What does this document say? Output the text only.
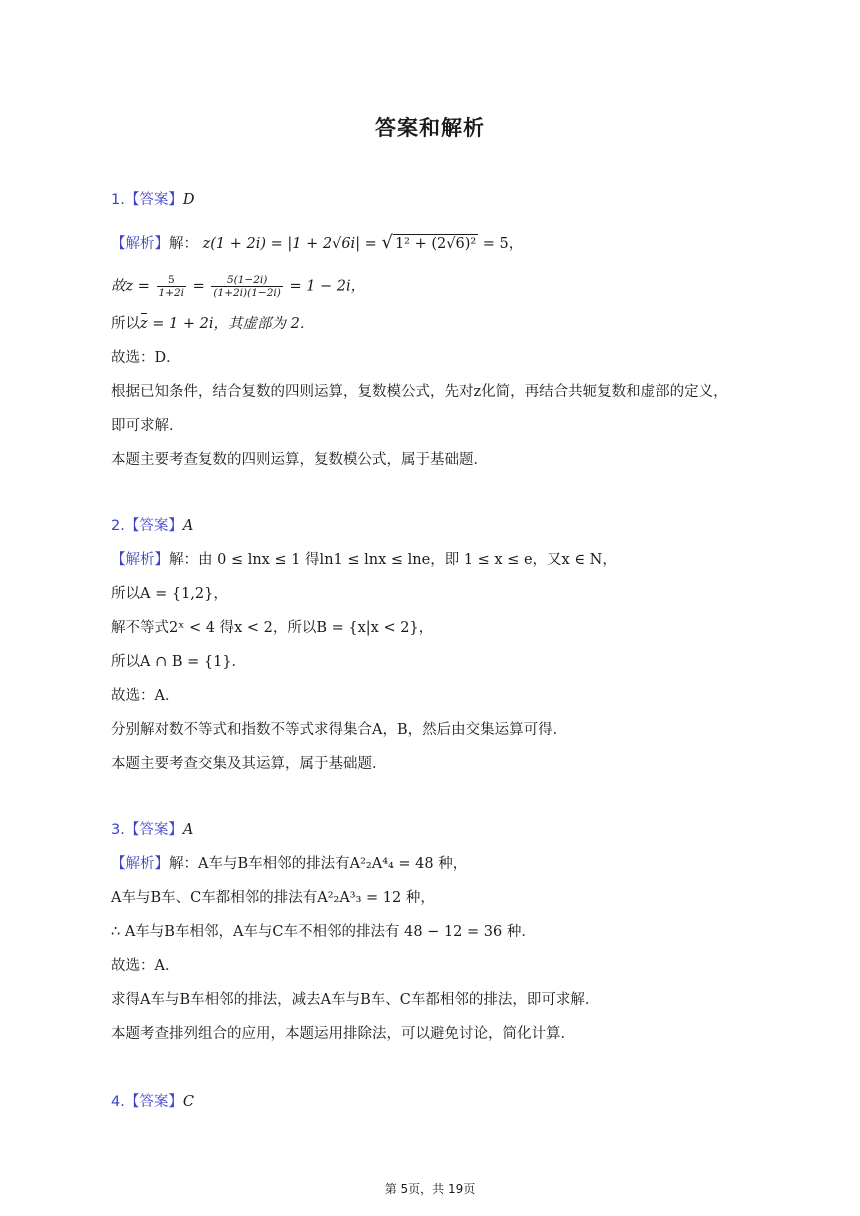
答案和解析
1.【答案】D
【解析】解： z(1 + 2i) = |1 + 2√6i| = √ 1² + (2√6)² = 5，
故$z = \frac{5}{1+2i} = \frac{5(1-2i)}{(1+2i)(1-2i)} = 1 - 2i$，
所以z = 1 + 2i，其虚部为 2．
故选：D．
根据已知条件，结合复数的四则运算，复数模公式，先对z化简，再结合共轭复数和虚部的定义，
即可求解．
本题主要考查复数的四则运算，复数模公式，属于基础题．
2.【答案】A
【解析】解：由 0 ≤ lnx ≤ 1 得ln1 ≤ lnx ≤ lne，即 1 ≤ x ≤ e，又x ∈ N，
所以A = {1,2}，
解不等式2ˣ < 4 得x < 2，所以B = {x|x < 2}，
所以A ∩ B = {1}．
故选：A．
分别解对数不等式和指数不等式求得集合A，B，然后由交集运算可得．
本题主要考查交集及其运算，属于基础题．
3.【答案】A
【解析】解：A车与B车相邻的排法有A²₂A⁴₄ = 48 种，
A车与B车、C车都相邻的排法有A²₂A³₃ = 12 种，
∴ A车与B车相邻，A车与C车不相邻的排法有 48 − 12 = 36 种．
故选：A．
求得A车与B车相邻的排法，减去A车与B车、C车都相邻的排法，即可求解．
本题考查排列组合的应用，本题运用排除法，可以避免讨论，简化计算．
4.【答案】C
第 5页，共 19页
